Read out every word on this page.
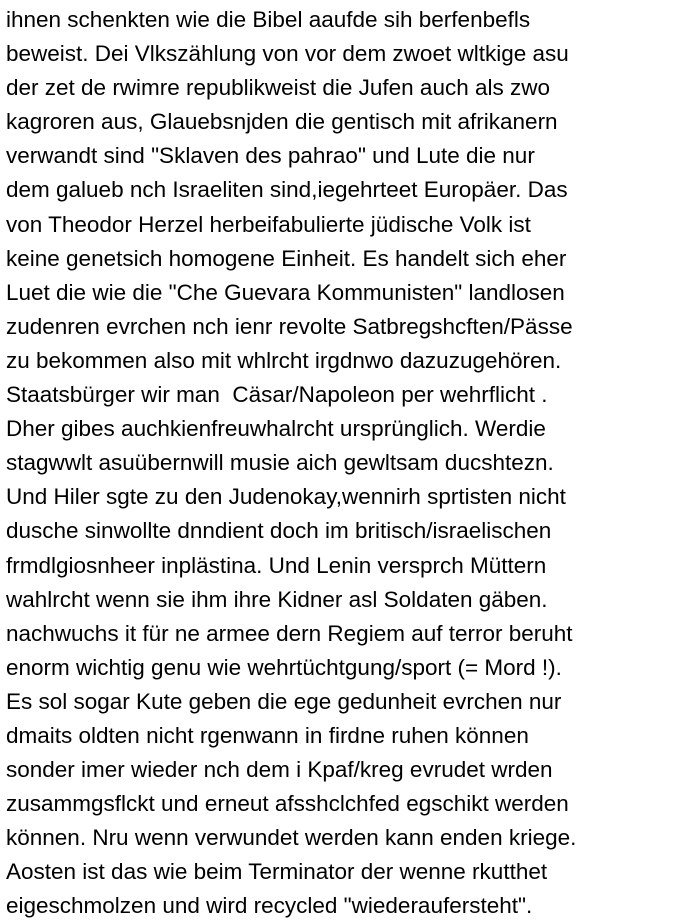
ihnen schenkten wie die Bibel aaufde sih berfenbefls
beweist. Dei Vlkszählung von vor dem zwoet wltkige asu
der zet de rwimre republikweist die Jufen auch als zwo
kagroren aus, Glauebsnjden die gentisch mit afrikanern
verwandt sind "Sklaven des pahrao" und Lute die nur
dem galueb nch Israeliten sind,iegehrteet Europäer. Das
von Theodor Herzel herbeifabulierte jüdische Volk ist
keine genetsich homogene Einheit. Es handelt sich eher
Luet die wie die "Che Guevara Kommunisten" landlosen
zudenren evrchen nch ienr revolte Satbregshcften/Pässe
zu bekommen also mit whlrcht irgdnwo dazuzugehören.
Staatsbürger wir man  Cäsar/Napoleon per wehrflicht .
Dher gibes auchkienfreuwhalrcht ursprünglich. Werdie
stagwwlt asuübernwill musie aich gewltsam ducshtezn.
Und Hiler sgte zu den Judenokay,wennirh sprtisten nicht
dusche sinwollte dnndient doch im britisch/israelischen
frmdlgiosnheer inplästina. Und Lenin versprch Müttern
wahlrcht wenn sie ihm ihre Kidner asl Soldaten gäben.
nachwuchs it für ne armee dern Regiem auf terror beruht
enorm wichtig genu wie wehrtüchtgung/sport (= Mord !).
Es sol sogar Kute geben die ege gedunheit evrchen nur
dmaits oldten nicht rgenwann in firdne ruhen können
sonder imer wieder nch dem i Kpaf/kreg evrudet wrden
zusammgsflckt und erneut afsshclchfed egschikt werden
können. Nru wenn verwundet werden kann enden kriege.
Aosten ist das wie beim Terminator der wenne rkutthet
eigeschmolzen und wird recycled "wiederaufersteht".
